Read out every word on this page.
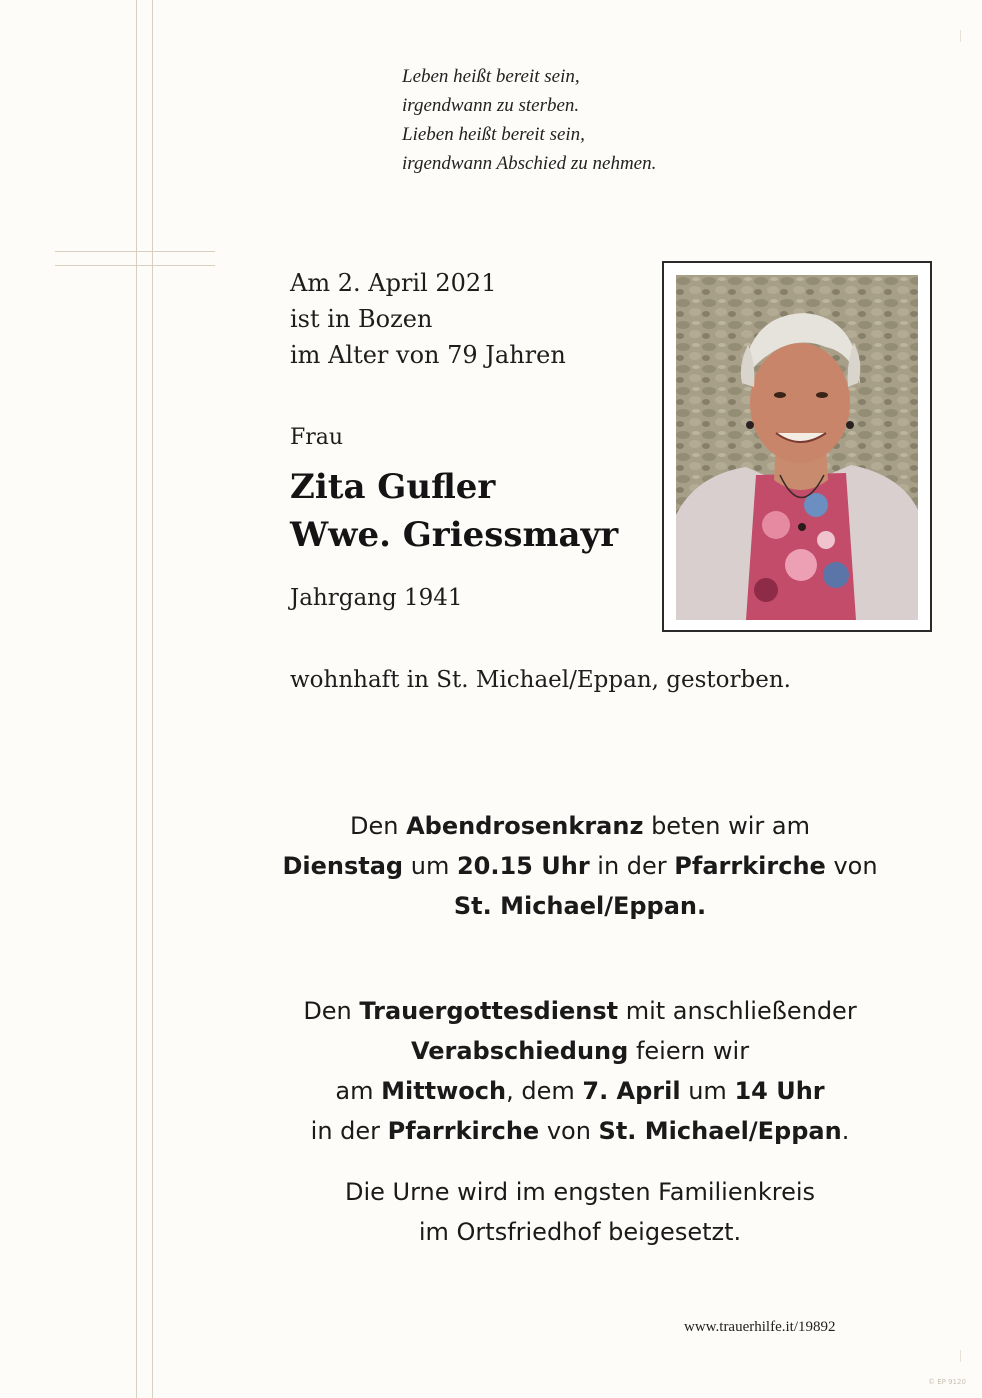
Leben heißt bereit sein,
irgendwann zu sterben.
Lieben heißt bereit sein,
irgendwann Abschied zu nehmen.
Am 2. April 2021
ist in Bozen
im Alter von 79 Jahren
Frau
Zita Gufler
Wwe. Griessmayr
Jahrgang 1941
wohnhaft in St. Michael/Eppan, gestorben.
Den Abendrosenkranz beten wir am
Dienstag um 20.15 Uhr in der Pfarrkirche von
St. Michael/Eppan.
Den Trauergottesdienst mit anschließender
Verabschiedung feiern wir
am Mittwoch, dem 7. April um 14 Uhr
in der Pfarrkirche von St. Michael/Eppan.
Die Urne wird im engsten Familienkreis
im Ortsfriedhof beigesetzt.
www.trauerhilfe.it/19892
© EP 9120
